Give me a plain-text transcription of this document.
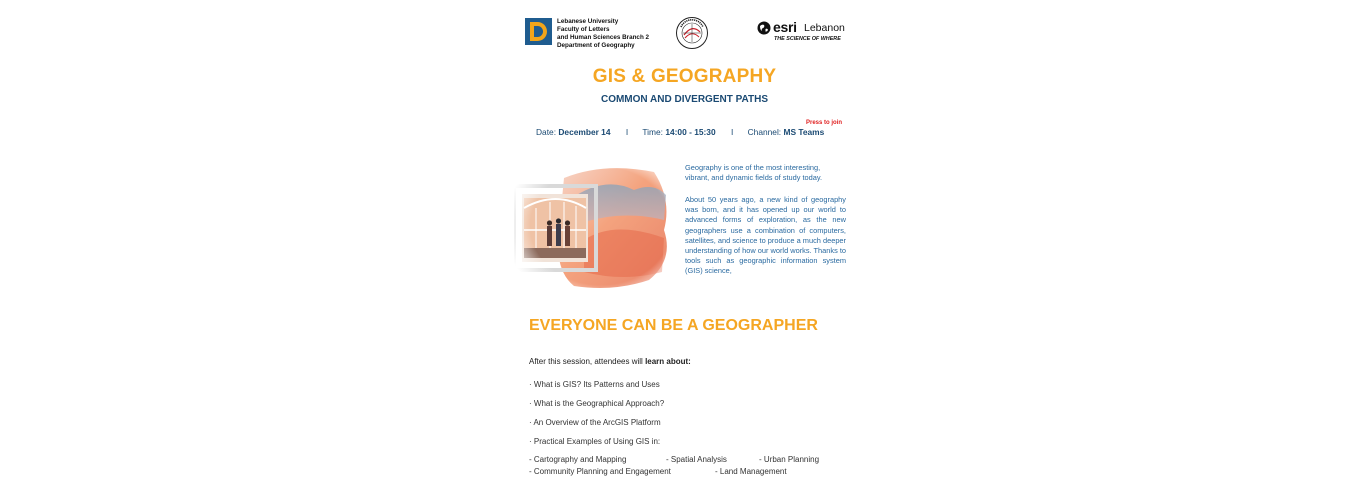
Lebanese University
Faculty of Letters
and Human Sciences Branch 2
Department of Geography
esri Lebanon
THE SCIENCE OF WHERE
GIS & GEOGRAPHY
COMMON AND DIVERGENT PATHS
Press to join
Date: December 14 I Time: 14:00 - 15:30 I Channel: MS Teams
Geography is one of the most interesting, vibrant, and dynamic fields of study today.
About 50 years ago, a new kind of geography was born, and it has opened up our world to advanced forms of exploration, as the new geographers use a combination of computers, satellites, and science to produce a much deeper understanding of how our world works. Thanks to tools such as geographic information system (GIS) science,
EVERYONE CAN BE A GEOGRAPHER
After this session, attendees will learn about:
· What is GIS? Its Patterns and Uses
· What is the Geographical Approach?
· An Overview of the ArcGIS Platform
· Practical Examples of Using GIS in:
- Cartography and Mapping	- Spatial Analysis	- Urban Planning
- Community Planning and Engagement	- Land Management
